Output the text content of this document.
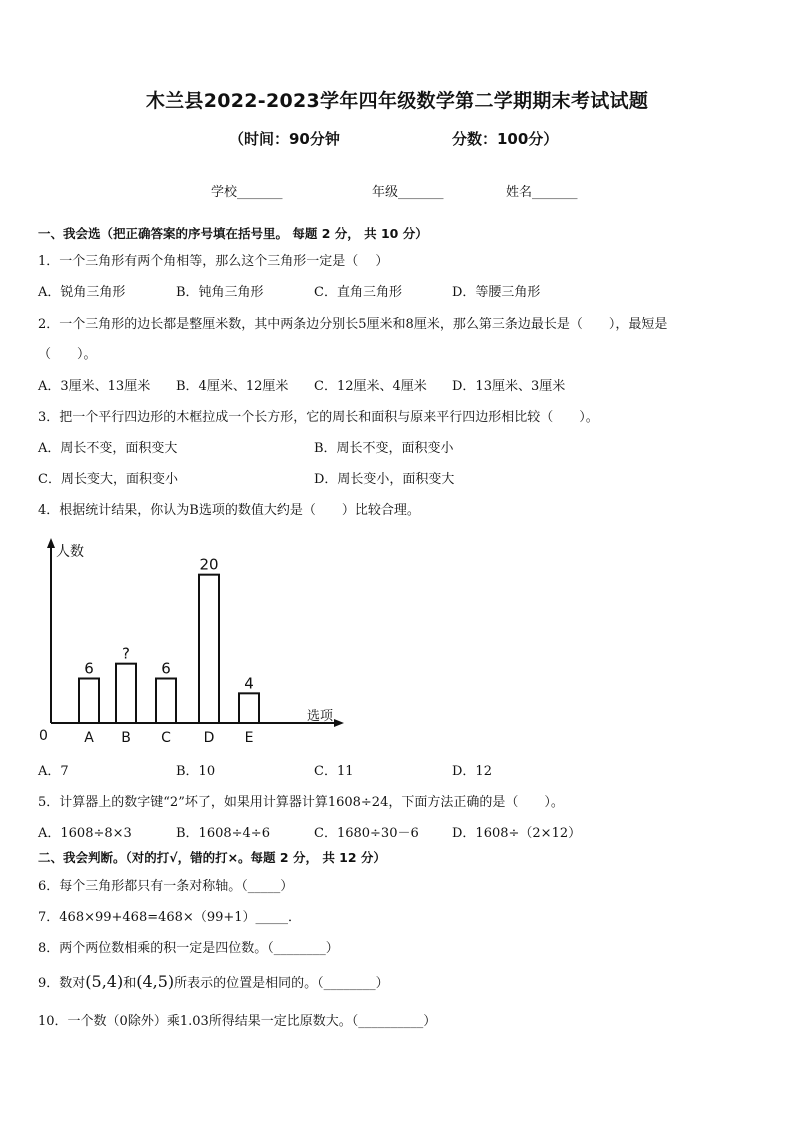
木兰县2022-2023学年四年级数学第二学期期末考试试题
（时间：90分钟	分数：100分）
学校_______	年级_______	姓名_______
一、我会选（把正确答案的序号填在括号里。 每题 2 分， 共 10 分）
1．一个三角形有两个角相等，那么这个三角形一定是（　 ）
A．锐角三角形	B．钝角三角形	C．直角三角形	D．等腰三角形
2．一个三角形的边长都是整厘米数，其中两条边分别长5厘米和8厘米，那么第三条边最长是（　　），最短是
（　　）。
A．3厘米、13厘米 B．4厘米、12厘米 C．12厘米、4厘米 D．13厘米、3厘米
3．把一个平行四边形的木框拉成一个长方形，它的周长和面积与原来平行四边形相比较（　　）。
A．周长不变，面积变大	B．周长不变，面积变小
C．周长变大，面积变小	D．周长变小，面积变大
4．根据统计结果，你认为B选项的数值大约是（　　）比较合理。
人数
选项
0
6
A
?
B
6
C
20
D
4
E
A．7	B．10	C．11	D．12
5．计算器上的数字键“2”坏了，如果用计算器计算1608÷24，下面方法正确的是（　　）。
A．1608÷8×3	B．1608÷4÷6	C．1680÷30－6	D．1608÷（2×12）
二、我会判断。（对的打√，错的打×。每题 2 分， 共 12 分）
6．每个三角形都只有一条对称轴。（_____）
7．468×99+468=468×（99+1）_____．
8．两个两位数相乘的积一定是四位数。（________）
9．数对(5,4)和(4,5)所表示的位置是相同的。（________）
10．一个数（0除外）乘1.03所得结果一定比原数大。（__________）
